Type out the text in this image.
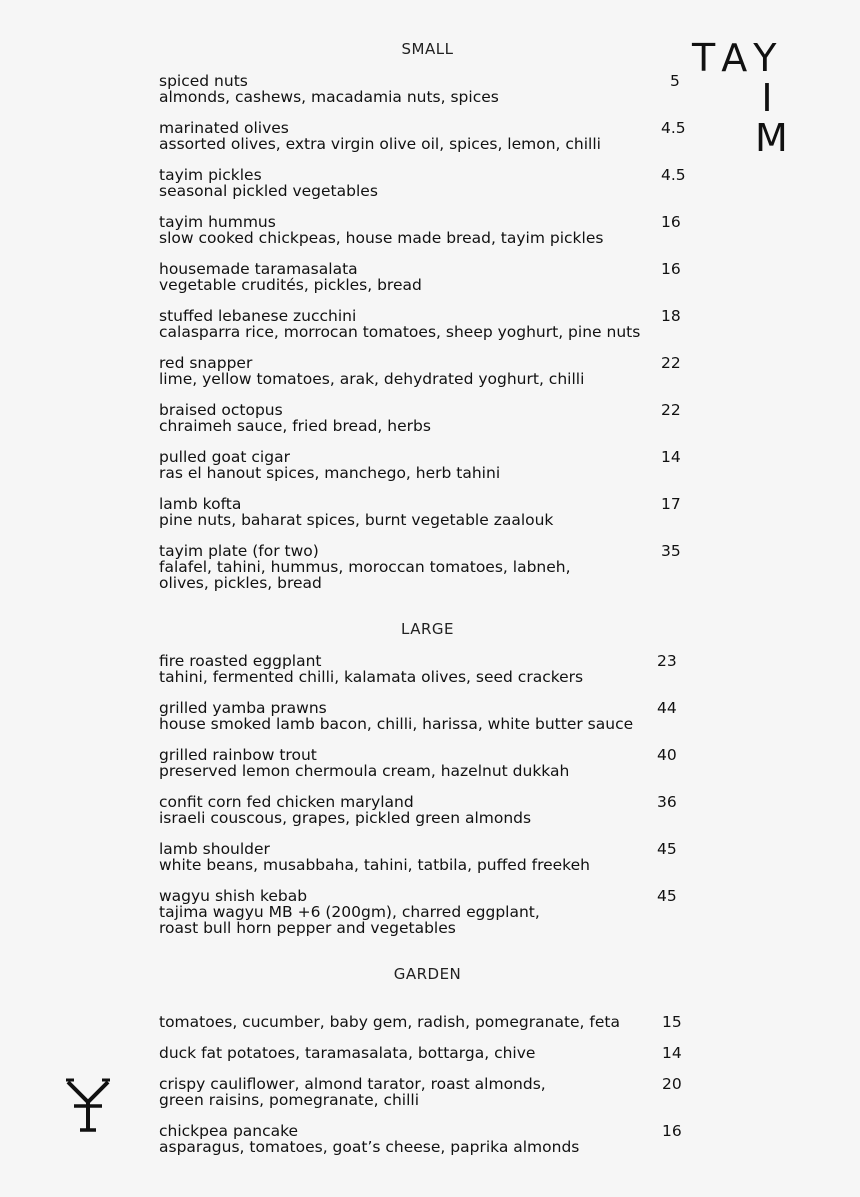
TAY
I
M
SMALL
spiced nuts
almonds, cashews, macadamia nuts, spices
5
marinated olives
assorted olives, extra virgin olive oil, spices, lemon, chilli
4.5
tayim pickles
seasonal pickled vegetables
4.5
tayim hummus
slow cooked chickpeas, house made bread, tayim pickles
16
housemade taramasalata
vegetable crudités, pickles, bread
16
stuffed lebanese zucchini
calasparra rice, morrocan tomatoes, sheep yoghurt, pine nuts
18
red snapper
lime, yellow tomatoes, arak, dehydrated yoghurt, chilli
22
braised octopus
chraimeh sauce, fried bread, herbs
22
pulled goat cigar
ras el hanout spices, manchego, herb tahini
14
lamb kofta
pine nuts, baharat spices, burnt vegetable zaalouk
17
tayim plate (for two)
falafel, tahini, hummus, moroccan tomatoes, labneh,
olives, pickles, bread
35
LARGE
fire roasted eggplant
tahini, fermented chilli, kalamata olives, seed crackers
23
grilled yamba prawns
house smoked lamb bacon, chilli, harissa, white butter sauce
44
grilled rainbow trout
preserved lemon chermoula cream, hazelnut dukkah
40
confit corn fed chicken maryland
israeli couscous, grapes, pickled green almonds
36
lamb shoulder
white beans, musabbaha, tahini, tatbila, puffed freekeh
45
wagyu shish kebab
tajima wagyu MB +6 (200gm), charred eggplant,
roast bull horn pepper and vegetables
45
GARDEN
tomatoes, cucumber, baby gem, radish, pomegranate, feta	15
duck fat potatoes, taramasalata, bottarga, chive	14
crispy cauliflower, almond tarator, roast almonds,
green raisins, pomegranate, chilli
20
chickpea pancake
asparagus, tomatoes, goat’s cheese, paprika almonds
16
